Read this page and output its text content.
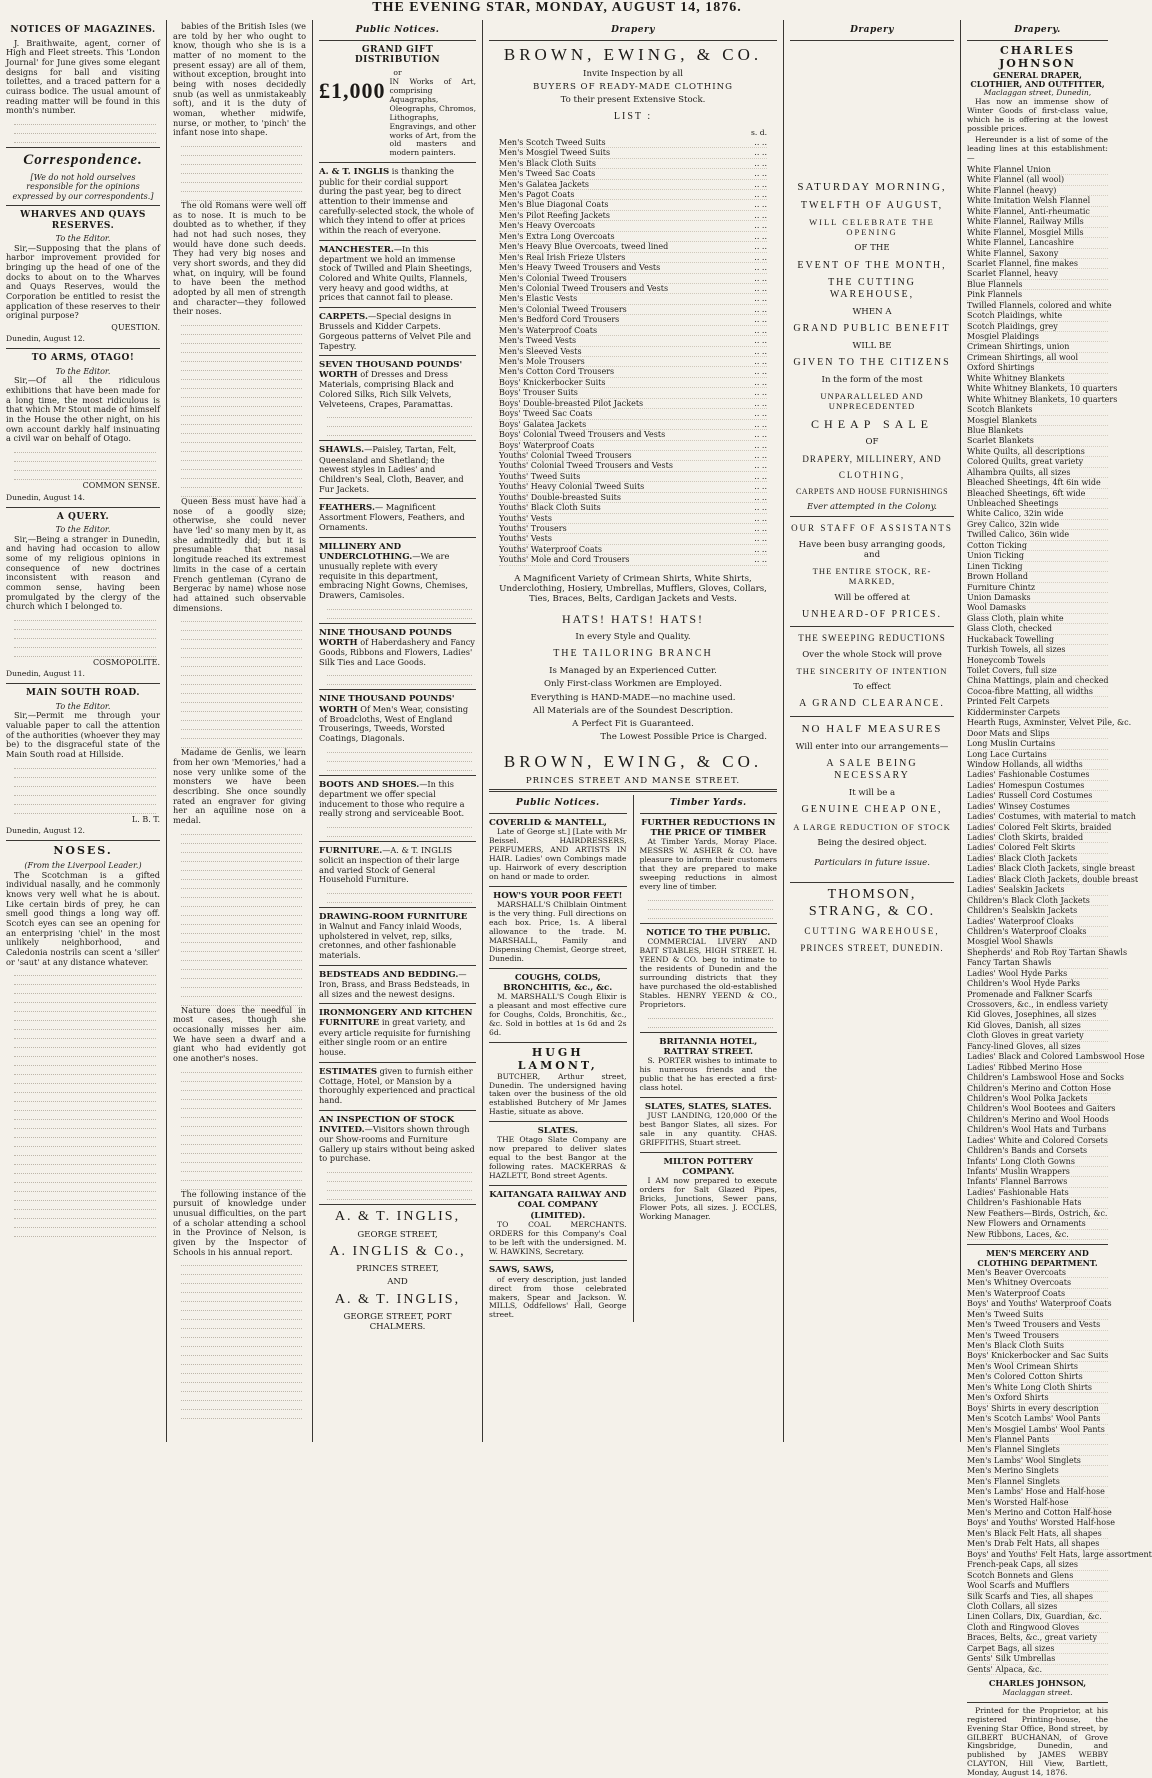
THE EVENING STAR, MONDAY, AUGUST 14, 1876.
NOTICES OF MAGAZINES.
J. Braithwaite, agent, corner of High and Fleet streets. This 'London Journal' for June gives some elegant designs for ball and visiting toilettes, and a traced pattern for a cuirass bodice. The usual amount of reading matter will be found in this month's number.
Correspondence.
[We do not hold ourselves responsible for the opinions expressed by our correspondents.]
WHARVES AND QUAYS RESERVES.
To the Editor.
Sir,—Supposing that the plans of harbor improvement provided for bringing up the head of one of the docks to about on to the Wharves and Quays Reserves, would the Corporation be entitled to resist the application of these reserves to their original purpose?
QUESTION.
Dunedin, August 12.
TO ARMS, OTAGO!
To the Editor.
Sir,—Of all the ridiculous exhibitions that have been made for a long time, the most ridiculous is that which Mr Stout made of himself in the House the other night, on his own account darkly half insinuating a civil war on behalf of Otago.
COMMON SENSE.
Dunedin, August 14.
A QUERY.
To the Editor.
Sir,—Being a stranger in Dunedin, and having had occasion to allow some of my religious opinions in consequence of new doctrines inconsistent with reason and common sense, having been promulgated by the clergy of the church which I belonged to.
COSMOPOLITE.
Dunedin, August 11.
MAIN SOUTH ROAD.
To the Editor.
Sir,—Permit me through your valuable paper to call the attention of the authorities (whoever they may be) to the disgraceful state of the Main South road at Hillside.
L. B. T.
Dunedin, August 12.
NOSES.
(From the Liverpool Leader.)
The Scotchman is a gifted individual nasally, and he commonly knows very well what he is about. Like certain birds of prey, he can smell good things a long way off. Scotch eyes can see an opening for an enterprising 'chiel' in the most unlikely neighborhood, and Caledonia nostrils can scent a 'siller' or 'saut' at any distance whatever.
babies of the British Isles (we are told by her who ought to know, though who she is is a matter of no moment to the present essay) are all of them, without exception, brought into being with noses decidedly snub (as well as unmistakeably soft), and it is the duty of woman, whether midwife, nurse, or mother, to 'pinch' the infant nose into shape.
The old Romans were well off as to nose. It is much to be doubted as to whether, if they had not had such noses, they would have done such deeds. They had very big noses and very short swords, and they did what, on inquiry, will be found to have been the method adopted by all men of strength and character—they followed their noses.
Queen Bess must have had a nose of a goodly size; otherwise, she could never have 'led' so many men by it, as she admittedly did; but it is presumable that nasal longitude reached its extremest limits in the case of a certain French gentleman (Cyrano de Bergerac by name) whose nose had attained such observable dimensions.
Madame de Genlis, we learn from her own 'Memories,' had a nose very unlike some of the monsters we have been describing. She once soundly rated an engraver for giving her an aquiline nose on a medal.
Nature does the needful in most cases, though she occasionally misses her aim. We have seen a dwarf and a giant who had evidently got one another's noses.
The following instance of the pursuit of knowledge under unusual difficulties, on the part of a scholar attending a school in the Province of Nelson, is given by the Inspector of Schools in his annual report.
Public Notices.
GRAND GIFT DISTRIBUTION
or
£1,000 IN Works of Art, comprising Aquagraphs, Oleographs, Chromos, Lithographs, Engravings, and other works of Art, from the old masters and modern painters.
A. & T. INGLIS is thanking the public for their cordial support during the past year, beg to direct attention to their immense and carefully-selected stock, the whole of which they intend to offer at prices within the reach of everyone.
MANCHESTER.—In this department we hold an immense stock of Twilled and Plain Sheetings, Colored and White Quilts, Flannels, very heavy and good widths, at prices that cannot fail to please.
CARPETS.—Special designs in Brussels and Kidder Carpets. Gorgeous patterns of Velvet Pile and Tapestry.
SEVEN THOUSAND POUNDS' WORTH of Dresses and Dress Materials, comprising Black and Colored Silks, Rich Silk Velvets, Velveteens, Crapes, Paramattas.
SHAWLS.—Paisley, Tartan, Felt, Queensland and Shetland; the newest styles in Ladies' and Children's Seal, Cloth, Beaver, and Fur Jackets.
FEATHERS.— Magnificent Assortment Flowers, Feathers, and Ornaments.
MILLINERY AND UNDERCLOTHING.—We are unusually replete with every requisite in this department, embracing Night Gowns, Chemises, Drawers, Camisoles.
NINE THOUSAND POUNDS WORTH of Haberdashery and Fancy Goods, Ribbons and Flowers, Ladies' Silk Ties and Lace Goods.
NINE THOUSAND POUNDS' WORTH Of Men's Wear, consisting of Broadcloths, West of England Trouserings, Tweeds, Worsted Coatings, Diagonals.
BOOTS AND SHOES.—In this department we offer special inducement to those who require a really strong and serviceable Boot.
FURNITURE.—A. & T. INGLIS solicit an inspection of their large and varied Stock of General Household Furniture.
DRAWING-ROOM FURNITURE in Walnut and Fancy inlaid Woods, upholstered in velvet, rep, silks, cretonnes, and other fashionable materials.
BEDSTEADS AND BEDDING.— Iron, Brass, and Brass Bedsteads, in all sizes and the newest designs.
IRONMONGERY AND KITCHEN FURNITURE in great variety, and every article requisite for furnishing either single room or an entire house.
ESTIMATES given to furnish either Cottage, Hotel, or Mansion by a thoroughly experienced and practical hand.
AN INSPECTION OF STOCK INVITED.—Visitors shown through our Show-rooms and Furniture Gallery up stairs without being asked to purchase.
A. & T. INGLIS,
GEORGE STREET,
A. INGLIS & Co.,
PRINCES STREET,
AND
A. & T. INGLIS,
GEORGE STREET, PORT CHALMERS.
Drapery
BROWN, EWING, & CO.
Invite Inspection by all
BUYERS OF READY-MADE CLOTHING
To their present Extensive Stock.
LIST :
s. d.
Men's Scotch Tweed Suits	.. ..
Men's Mosgiel Tweed Suits	.. ..
Men's Black Cloth Suits	.. ..
Men's Tweed Sac Coats	.. ..
Men's Galatea Jackets	.. ..
Men's Pagot Coats	.. ..
Men's Blue Diagonal Coats	.. ..
Men's Pilot Reefing Jackets	.. ..
Men's Heavy Overcoats	.. ..
Men's Extra Long Overcoats	.. ..
Men's Heavy Blue Overcoats, tweed lined	.. ..
Men's Real Irish Frieze Ulsters	.. ..
Men's Heavy Tweed Trousers and Vests	.. ..
Men's Colonial Tweed Trousers	.. ..
Men's Colonial Tweed Trousers and Vests	.. ..
Men's Elastic Vests	.. ..
Men's Colonial Tweed Trousers	.. ..
Men's Bedford Cord Trousers	.. ..
Men's Waterproof Coats	.. ..
Men's Tweed Vests	.. ..
Men's Sleeved Vests	.. ..
Men's Mole Trousers	.. ..
Men's Cotton Cord Trousers	.. ..
Boys' Knickerbocker Suits	.. ..
Boys' Trouser Suits	.. ..
Boys' Double-breasted Pilot Jackets	.. ..
Boys' Tweed Sac Coats	.. ..
Boys' Galatea Jackets	.. ..
Boys' Colonial Tweed Trousers and Vests	.. ..
Boys' Waterproof Coats	.. ..
Youths' Colonial Tweed Trousers	.. ..
Youths' Colonial Tweed Trousers and Vests	.. ..
Youths' Tweed Suits	.. ..
Youths' Heavy Colonial Tweed Suits	.. ..
Youths' Double-breasted Suits	.. ..
Youths' Black Cloth Suits	.. ..
Youths' Vests	.. ..
Youths' Trousers	.. ..
Youths' Vests	.. ..
Youths' Waterproof Coats	.. ..
Youths' Mole and Cord Trousers	.. ..
A Magnificent Variety of Crimean Shirts, White Shirts, Underclothing, Hosiery, Umbrellas, Mufflers, Gloves, Collars, Ties, Braces, Belts, Cardigan Jackets and Vests.
HATS! HATS! HATS!
In every Style and Quality.
THE TAILORING BRANCH
Is Managed by an Experienced Cutter.
Only First-class Workmen are Employed.
Everything is HAND-MADE—no machine used.
All Materials are of the Soundest Description.
A Perfect Fit is Guaranteed.
The Lowest Possible Price is Charged.
BROWN, EWING, & CO.
PRINCES STREET AND MANSE STREET.
Public Notices.
COVERLID & MANTELL,
Late of George st.] [Late with Mr Beissel. HAIRDRESSERS, PERFUMERS, AND ARTISTS IN HAIR. Ladies' own Combings made up. Hairwork of every description on hand or made to order.
HOW'S YOUR POOR FEET!
MARSHALL'S Chilblain Ointment is the very thing. Full directions on each box. Price, 1s. A liberal allowance to the trade. M. MARSHALL, Family and Dispensing Chemist, George street, Dunedin.
COUGHS, COLDS, BRONCHITIS, &c., &c.
M. MARSHALL'S Cough Elixir is a pleasant and most effective cure for Coughs, Colds, Bronchitis, &c., &c. Sold in bottles at 1s 6d and 2s 6d.
HUGH LAMONT,
BUTCHER, Arthur street, Dunedin. The undersigned having taken over the business of the old established Butchery of Mr James Hastie, situate as above.
SLATES.
THE Otago Slate Company are now prepared to deliver slates equal to the best Bangor at the following rates. MACKERRAS & HAZLETT, Bond street Agents.
KAITANGATA RAILWAY AND COAL COMPANY (LIMITED).
TO COAL MERCHANTS. ORDERS for this Company's Coal to be left with the undersigned. M. W. HAWKINS, Secretary.
SAWS, SAWS,
of every description, just landed direct from those celebrated makers, Spear and Jackson. W. MILLS, Oddfellows' Hall, George street.
Timber Yards.
FURTHER REDUCTIONS IN THE PRICE OF TIMBER
At Timber Yards, Moray Place. MESSRS W. ASHER & CO. have pleasure to inform their customers that they are prepared to make sweeping reductions in almost every line of timber.
NOTICE TO THE PUBLIC.
COMMERCIAL LIVERY AND BAIT STABLES, HIGH STREET. H. YEEND & CO. beg to intimate to the residents of Dunedin and the surrounding districts that they have purchased the old-established Stables. HENRY YEEND & CO., Proprietors.
BRITANNIA HOTEL, RATTRAY STREET.
S. PORTER wishes to intimate to his numerous friends and the public that he has erected a first-class hotel.
SLATES, SLATES, SLATES.
JUST LANDING, 120,000 Of the best Bangor Slates, all sizes. For sale in any quantity. CHAS. GRIFFITHS, Stuart street.
MILTON POTTERY COMPANY.
I AM now prepared to execute orders for Salt Glazed Pipes, Bricks, Junctions, Sewer pans, Flower Pots, all sizes. J. ECCLES, Working Manager.
Drapery
SATURDAY MORNING,
TWELFTH OF AUGUST,
WILL CELEBRATE THE OPENING
OF THE
EVENT OF THE MONTH,
THE CUTTING WAREHOUSE,
WHEN A
GRAND PUBLIC BENEFIT
WILL BE
GIVEN TO THE CITIZENS
In the form of the most
UNPARALLELED AND UNPRECEDENTED
CHEAP SALE
OF
DRAPERY, MILLINERY, AND
CLOTHING,
CARPETS AND HOUSE FURNISHINGS
Ever attempted in the Colony.
OUR STAFF OF ASSISTANTS
Have been busy arranging goods, and
THE ENTIRE STOCK, RE-MARKED,
Will be offered at
UNHEARD-OF PRICES.
THE SWEEPING REDUCTIONS
Over the whole Stock will prove
THE SINCERITY OF INTENTION
To effect
A GRAND CLEARANCE.
NO HALF MEASURES
Will enter into our arrangements—
A SALE BEING NECESSARY
It will be a
GENUINE CHEAP ONE,
A LARGE REDUCTION OF STOCK
Being the desired object.
Particulars in future issue.
THOMSON, STRANG, & CO.
CUTTING WAREHOUSE,
PRINCES STREET, DUNEDIN.
Drapery.
CHARLES JOHNSON
GENERAL DRAPER, CLOTHIER, AND OUTFITTER,
Maclaggan street, Dunedin,
Has now an immense show of Winter Goods of first-class value, which he is offering at the lowest possible prices.
Hereunder is a list of some of the leading lines at this establishment:—
White Flannel Union
White Flannel (all wool)
White Flannel (heavy)
White Imitation Welsh Flannel
White Flannel, Anti-rheumatic
White Flannel, Railway Mills
White Flannel, Mosgiel Mills
White Flannel, Lancashire
White Flannel, Saxony
Scarlet Flannel, fine makes
Scarlet Flannel, heavy
Blue Flannels
Pink Flannels
Twilled Flannels, colored and white
Scotch Plaidings, white
Scotch Plaidings, grey
Mosgiel Plaidings
Crimean Shirtings, union
Crimean Shirtings, all wool
Oxford Shirtings
White Whitney Blankets
White Whitney Blankets, 10 quarters
White Whitney Blankets, 10 quarters
Scotch Blankets
Mosgiel Blankets
Blue Blankets
Scarlet Blankets
White Quilts, all descriptions
Colored Quilts, great variety
Alhambra Quilts, all sizes
Bleached Sheetings, 4ft 6in wide
Bleached Sheetings, 6ft wide
Unbleached Sheetings
White Calico, 32in wide
Grey Calico, 32in wide
Twilled Calico, 36in wide
Cotton Ticking
Union Ticking
Linen Ticking
Brown Holland
Furniture Chintz
Union Damasks
Wool Damasks
Glass Cloth, plain white
Glass Cloth, checked
Huckaback Towelling
Turkish Towels, all sizes
Honeycomb Towels
Toilet Covers, full size
China Mattings, plain and checked
Cocoa-fibre Matting, all widths
Printed Felt Carpets
Kidderminster Carpets
Hearth Rugs, Axminster, Velvet Pile, &c.
Door Mats and Slips
Long Muslin Curtains
Long Lace Curtains
Window Hollands, all widths
Ladies' Fashionable Costumes
Ladies' Homespun Costumes
Ladies' Russell Cord Costumes
Ladies' Winsey Costumes
Ladies' Costumes, with material to match
Ladies' Colored Felt Skirts, braided
Ladies' Cloth Skirts, braided
Ladies' Colored Felt Skirts
Ladies' Black Cloth Jackets
Ladies' Black Cloth Jackets, single breast
Ladies' Black Cloth Jackets, double breast
Ladies' Sealskin Jackets
Children's Black Cloth Jackets
Children's Sealskin Jackets
Ladies' Waterproof Cloaks
Children's Waterproof Cloaks
Mosgiel Wool Shawls
Shepherds' and Rob Roy Tartan Shawls
Fancy Tartan Shawls
Ladies' Wool Hyde Parks
Children's Wool Hyde Parks
Promenade and Falkner Scarfs
Crossovers, &c., in endless variety
Kid Gloves, Josephines, all sizes
Kid Gloves, Danish, all sizes
Cloth Gloves in great variety
Fancy-lined Gloves, all sizes
Ladies' Black and Colored Lambswool Hose
Ladies' Ribbed Merino Hose
Children's Lambswool Hose and Socks
Children's Merino and Cotton Hose
Children's Wool Polka Jackets
Children's Wool Bootees and Gaiters
Children's Merino and Wool Hoods
Children's Wool Hats and Turbans
Ladies' White and Colored Corsets
Children's Bands and Corsets
Infants' Long Cloth Gowns
Infants' Muslin Wrappers
Infants' Flannel Barrows
Ladies' Fashionable Hats
Children's Fashionable Hats
New Feathers—Birds, Ostrich, &c.
New Flowers and Ornaments
New Ribbons, Laces, &c.
MEN'S MERCERY AND CLOTHING DEPARTMENT.
Men's Beaver Overcoats
Men's Whitney Overcoats
Men's Waterproof Coats
Boys' and Youths' Waterproof Coats
Men's Tweed Suits
Men's Tweed Trousers and Vests
Men's Tweed Trousers
Men's Black Cloth Suits
Boys' Knickerbocker and Sac Suits
Men's Wool Crimean Shirts
Men's Colored Cotton Shirts
Men's White Long Cloth Shirts
Men's Oxford Shirts
Boys' Shirts in every description
Men's Scotch Lambs' Wool Pants
Men's Mosgiel Lambs' Wool Pants
Men's Flannel Pants
Men's Flannel Singlets
Men's Lambs' Wool Singlets
Men's Merino Singlets
Men's Flannel Singlets
Men's Lambs' Hose and Half-hose
Men's Worsted Half-hose
Men's Merino and Cotton Half-hose
Boys' and Youths' Worsted Half-hose
Men's Black Felt Hats, all shapes
Men's Drab Felt Hats, all shapes
Boys' and Youths' Felt Hats, large assortment
French-peak Caps, all sizes
Scotch Bonnets and Glens
Wool Scarfs and Mufflers
Silk Scarfs and Ties, all shapes
Cloth Collars, all sizes
Linen Collars, Dix, Guardian, &c.
Cloth and Ringwood Gloves
Braces, Belts, &c., great variety
Carpet Bags, all sizes
Gents' Silk Umbrellas
Gents' Alpaca, &c.
CHARLES JOHNSON,
Maclaggan street.
Printed for the Proprietor, at his registered Printing-house, the Evening Star Office, Bond street, by GILBERT BUCHANAN, of Grove Kingsbridge, Dunedin, and published by JAMES WEBBY CLAYTON, Hill View, Bartlett, Monday, August 14, 1876.
